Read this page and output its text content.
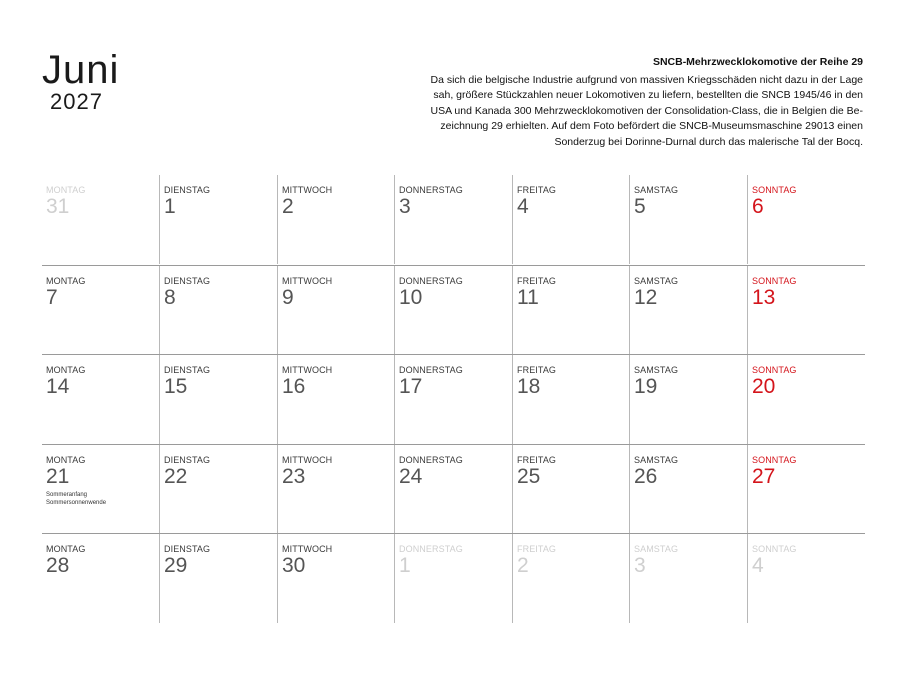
Juni
2027
SNCB-Mehrzwecklokomotive der Reihe 29
Da sich die belgische Industrie aufgrund von massiven Kriegsschäden nicht dazu in der Lage
sah, größere Stückzahlen neuer Lokomotiven zu liefern, bestellten die SNCB 1945/46 in den
USA und Kanada 300 Mehrzwecklokomotiven der Consolidation-Class, die in Belgien die Be-
zeichnung 29 erhielten. Auf dem Foto befördert die SNCB-Museumsmaschine 29013 einen
Sonderzug bei Dorinne-Durnal durch das malerische Tal der Bocq.
MONTAG
31
DIENSTAG
1
MITTWOCH
2
DONNERSTAG
3
FREITAG
4
SAMSTAG
5
SONNTAG
6
MONTAG
7
DIENSTAG
8
MITTWOCH
9
DONNERSTAG
10
FREITAG
11
SAMSTAG
12
SONNTAG
13
MONTAG
14
DIENSTAG
15
MITTWOCH
16
DONNERSTAG
17
FREITAG
18
SAMSTAG
19
SONNTAG
20
MONTAG
21
Sommeranfang
Sommersonnenwende
DIENSTAG
22
MITTWOCH
23
DONNERSTAG
24
FREITAG
25
SAMSTAG
26
SONNTAG
27
MONTAG
28
DIENSTAG
29
MITTWOCH
30
DONNERSTAG
1
FREITAG
2
SAMSTAG
3
SONNTAG
4
